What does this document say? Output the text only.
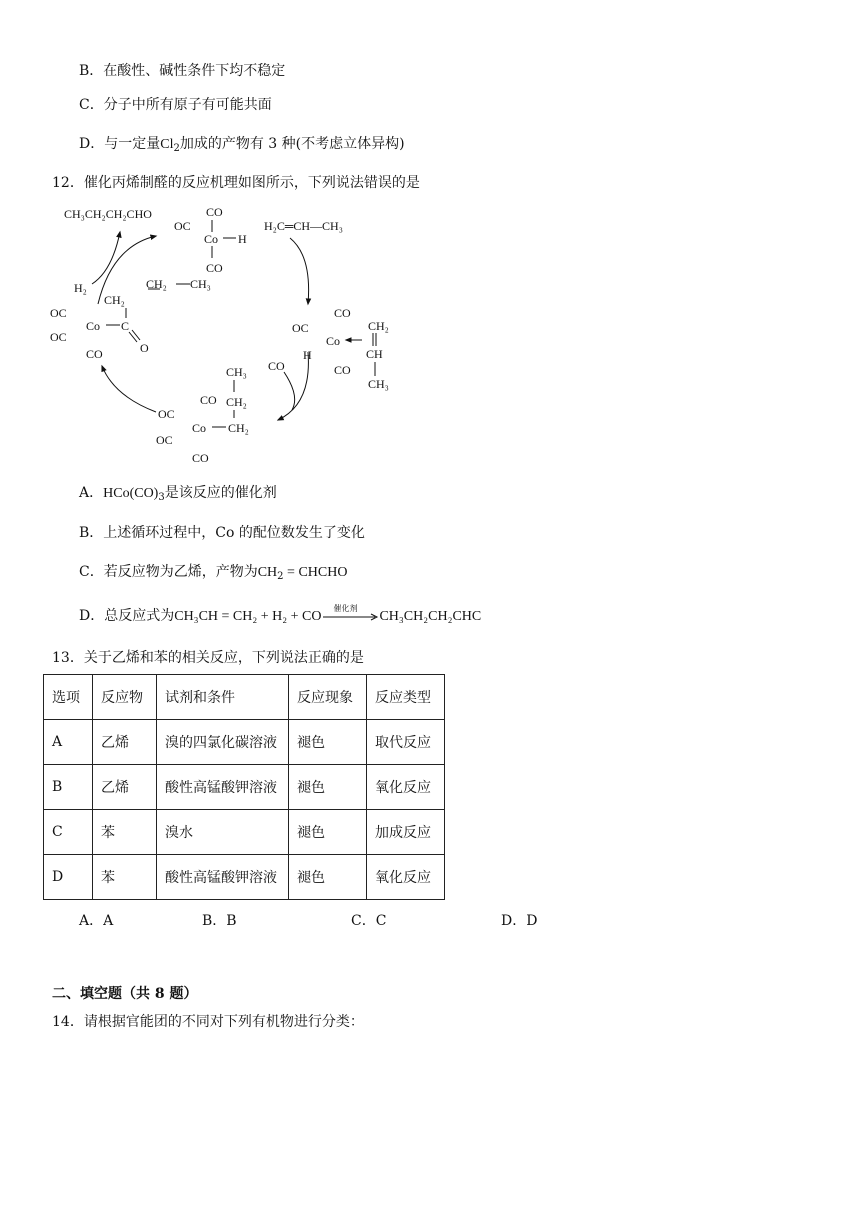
B．在酸性、碱性条件下均不稳定
C．分子中所有原子有可能共面
D．与一定量$Cl_2$加成的产物有 3 种(不考虑立体异构)
12．催化丙烯制醛的反应机理如图所示，下列说法错误的是
CH₃CH₂CH₂CHO
H₂
CO
OC
Co H
CO
H₂C═CH—CH₃
CO
OC
Co
H
CO
CH₂
CH
CH₃
CO
CH₃
CH₂
CO
OC
Co CH₂
OC
CO
CH₂
CH₂ CH₃
OC
OC
Co C
O
CO
A．$HCo(CO)_3$是该反应的催化剂
B．上述循环过程中，Co 的配位数发生了变化
C．若反应物为乙烯，产物为$CH_2$ = CHCHO
D．总反应式为CH₃CH = CH₂ + H₂ + CO
催化剂
CH₃CH₂CH₂CHC
13．关于乙烯和苯的相关反应，下列说法正确的是
选项	反应物	试剂和条件	反应现象	反应类型
A	乙烯	溴的四氯化碳溶液	褪色	取代反应
B	乙烯	酸性高锰酸钾溶液	褪色	氧化反应
C	苯	溴水	褪色	加成反应
D	苯	酸性高锰酸钾溶液	褪色	氧化反应
A．A	B．B	C．C	D．D
二、填空题（共 8 题）
14．请根据官能团的不同对下列有机物进行分类：
